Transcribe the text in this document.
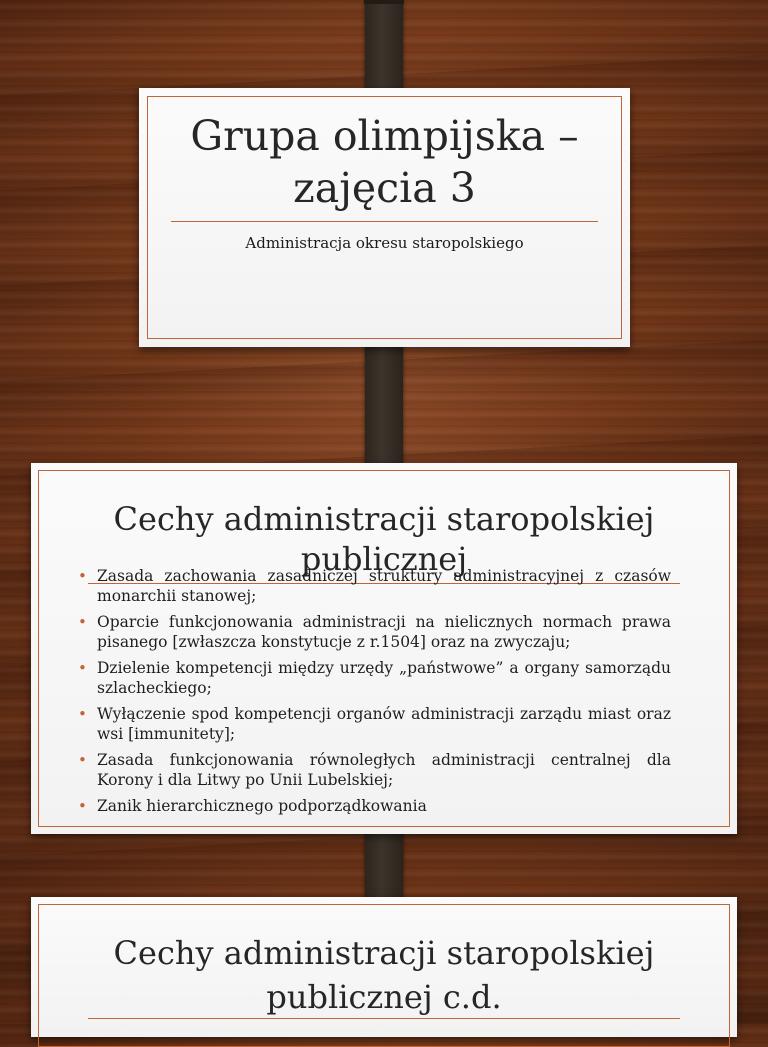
Grupa olimpijska –
zajęcia 3
Administracja okresu staropolskiego
Cechy administracji staropolskiej
publicznej
• Zasada zachowania zasadniczej struktury administracyjnej z czasów monarchii stanowej;
• Oparcie funkcjonowania administracji na nielicznych normach prawa pisanego [zwłaszcza konstytucje z r.1504] oraz na zwyczaju;
• Dzielenie kompetencji między urzędy „państwowe” a organy samorządu szlacheckiego;
• Wyłączenie spod kompetencji organów administracji zarządu miast oraz wsi [immunitety];
• Zasada funkcjonowania równoległych administracji centralnej dla Korony i dla Litwy po Unii Lubelskiej;
• Zanik hierarchicznego podporządkowania
Cechy administracji staropolskiej
publicznej c.d.
